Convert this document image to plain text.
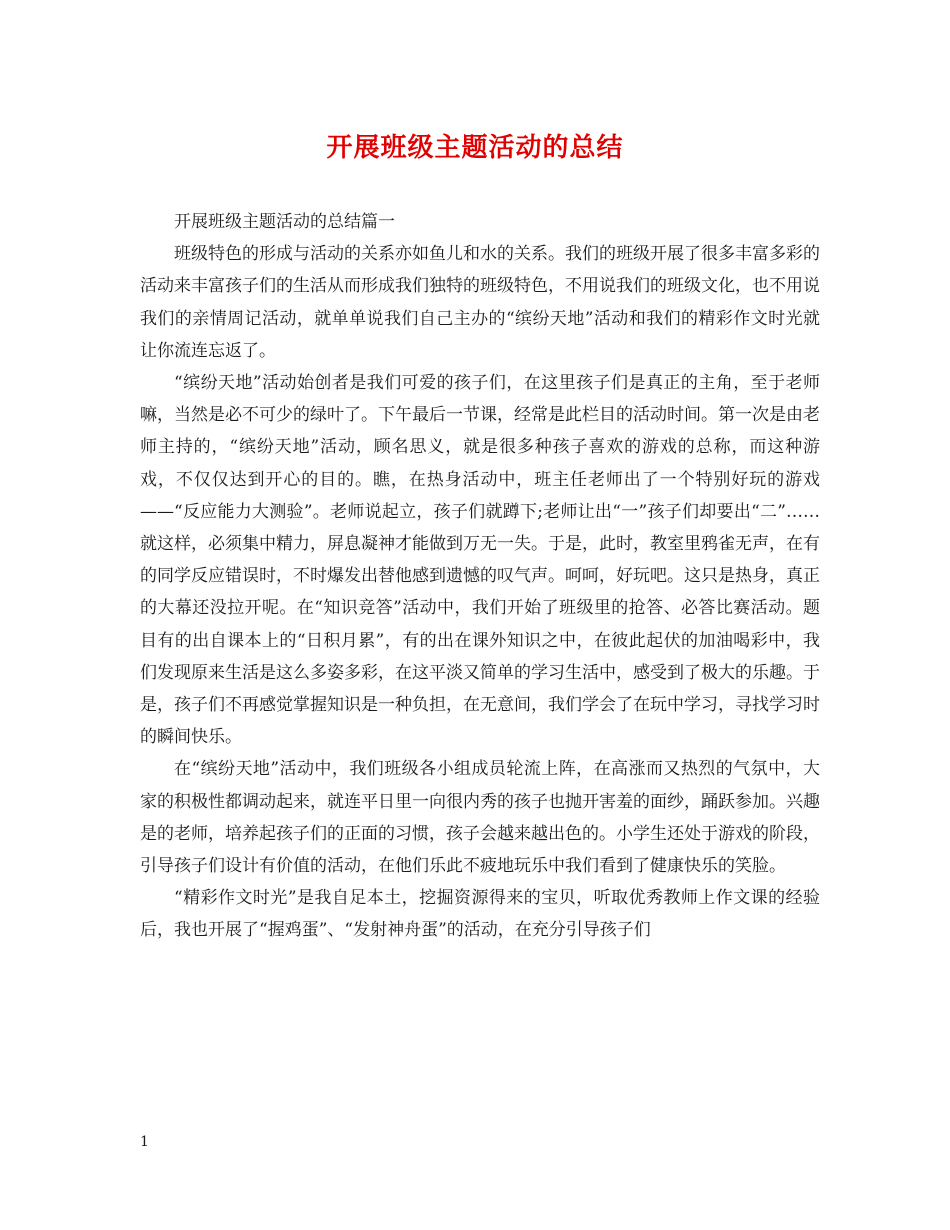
开展班级主题活动的总结

开展班级主题活动的总结篇一

班级特色的形成与活动的关系亦如鱼儿和水的关系。我们的班级开展了很多丰富多彩的活动来丰富孩子们的生活从而形成我们独特的班级特色，不用说我们的班级文化，也不用说我们的亲情周记活动，就单单说我们自己主办的“缤纷天地”活动和我们的精彩作文时光就让你流连忘返了。

“缤纷天地”活动始创者是我们可爱的孩子们，在这里孩子们是真正的主角，至于老师嘛，当然是必不可少的绿叶了。下午最后一节课，经常是此栏目的活动时间。第一次是由老师主持的，“缤纷天地”活动，顾名思义，就是很多种孩子喜欢的游戏的总称，而这种游戏，不仅仅达到开心的目的。瞧，在热身活动中，班主任老师出了一个特别好玩的游戏——“反应能力大测验”。老师说起立，孩子们就蹲下;老师让出“一”孩子们却要出“二”……就这样，必须集中精力，屏息凝神才能做到万无一失。于是，此时，教室里鸦雀无声，在有的同学反应错误时，不时爆发出替他感到遗憾的叹气声。呵呵，好玩吧。这只是热身，真正的大幕还没拉开呢。在“知识竞答”活动中，我们开始了班级里的抢答、必答比赛活动。题目有的出自课本上的“日积月累”，有的出在课外知识之中，在彼此起伏的加油喝彩中，我们发现原来生活是这么多姿多彩，在这平淡又简单的学习生活中，感受到了极大的乐趣。于是，孩子们不再感觉掌握知识是一种负担，在无意间，我们学会了在玩中学习，寻找学习时的瞬间快乐。

在“缤纷天地”活动中，我们班级各小组成员轮流上阵，在高涨而又热烈的气氛中，大家的积极性都调动起来，就连平日里一向很内秀的孩子也抛开害羞的面纱，踊跃参加。兴趣是的老师，培养起孩子们的正面的习惯，孩子会越来越出色的。小学生还处于游戏的阶段，引导孩子们设计有价值的活动，在他们乐此不疲地玩乐中我们看到了健康快乐的笑脸。

“精彩作文时光”是我自足本土，挖掘资源得来的宝贝，听取优秀教师上作文课的经验后，我也开展了“握鸡蛋”、“发射神舟蛋”的活动，在充分引导孩子们

1
